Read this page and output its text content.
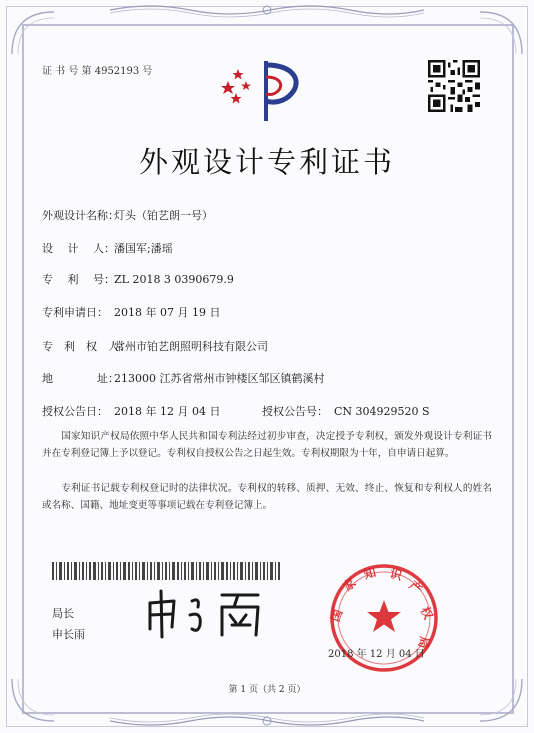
证 书 号 第 4952193 号
外观设计专利证书
外观设计名称：灯头（铂艺朗一号）
设　 计　 人：潘国军;潘瑶
专　 利　 号：ZL 2018 3 0390679.9
专利申请日： 2018 年 07 月 19 日
专　利　权　人：常州市铂艺朗照明科技有限公司
地　　　　址：213000 江苏省常州市钟楼区邹区镇鹤溪村
授权公告日： 2018 年 12 月 04 日	授权公告号： CN 304929520 S
国家知识产权局依照中华人民共和国专利法经过初步审查，决定授予专利权，颁发外观设计专利证书并在专利登记簿上予以登记。专利权自授权公告之日起生效。专利权期限为十年，自申请日起算。
专利证书记载专利权登记时的法律状况。专利权的转移、质押、无效、终止、恢复和专利权人的姓名或名称、国籍、地址变更等事项记载在专利登记簿上。
局长
申长雨
国
家
知 识
产
权
局
2018 年 12 月 04 日
第 1 页（共 2 页）
